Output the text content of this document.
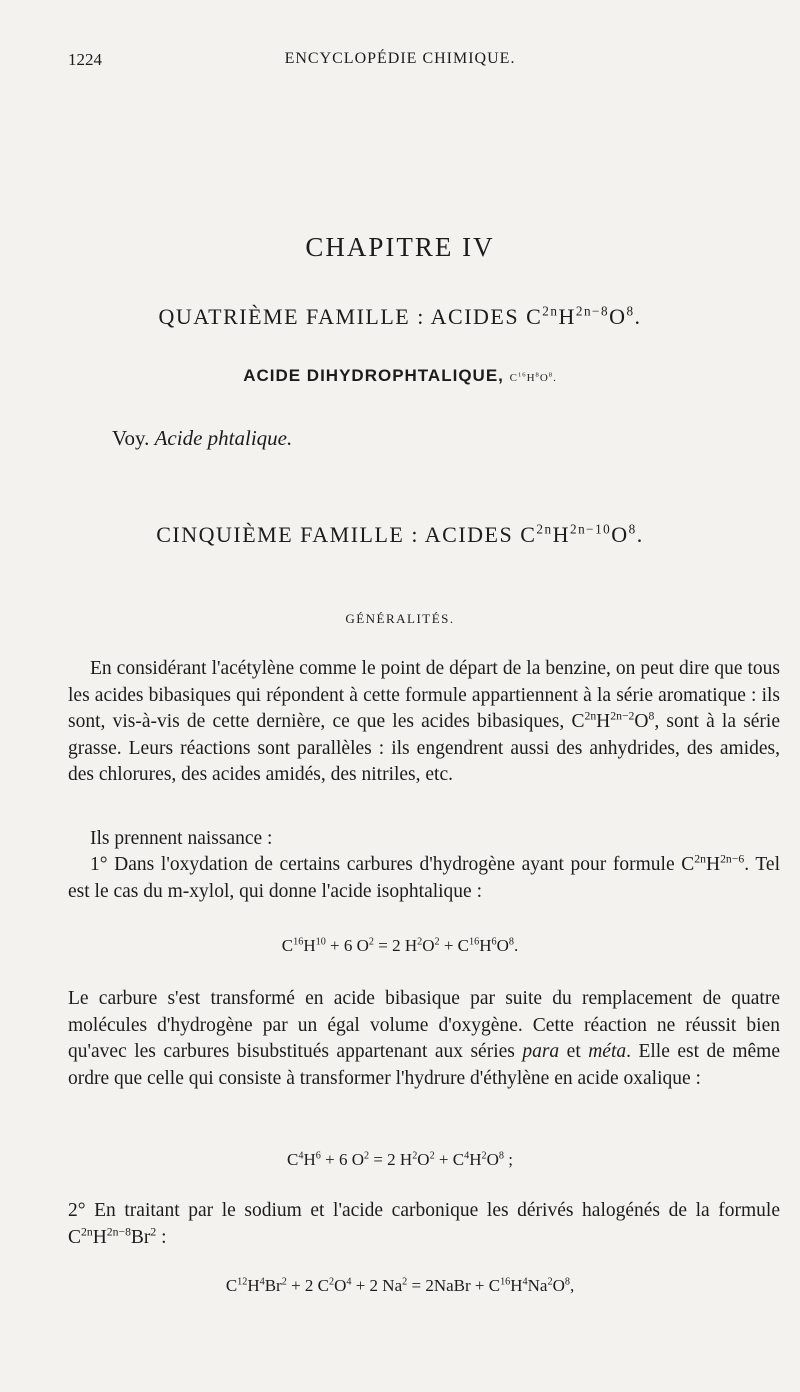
1224	ENCYCLOPÉDIE CHIMIQUE.
CHAPITRE IV
QUATRIÈME FAMILLE : ACIDES $C^{2n}H^{2n-8}O^8$.
ACIDE DIHYDROPHTALIQUE, $C^{16}H^8O^8$.
Voy. Acide phtalique.
CINQUIÈME FAMILLE : ACIDES $C^{2n}H^{2n-10}O^8$.
GÉNÉRALITÉS.
En considérant l'acétylène comme le point de départ de la benzine, on peut dire que tous les acides bibasiques qui répondent à cette formule appartiennent à la série aromatique : ils sont, vis-à-vis de cette dernière, ce que les acides bibasiques, $C^{2n}H^{2n-2}O^8$, sont à la série grasse. Leurs réactions sont parallèles : ils engendrent aussi des anhydrides, des amides, des chlorures, des acides amidés, des nitriles, etc.
Ils prennent naissance :
1° Dans l'oxydation de certains carbures d'hydrogène ayant pour formule $C^{2n}H^{2n-6}$. Tel est le cas du m-xylol, qui donne l'acide isophtalique :
$C^{16}H^{10} + 6$ $O^2 = 2$ $H^2O^2 + C^{16}H^6O^8$.
Le carbure s'est transformé en acide bibasique par suite du remplacement de quatre molécules d'hydrogène par un égal volume d'oxygène. Cette réaction ne réussit bien qu'avec les carbures bisubstitués appartenant aux séries para et méta. Elle est de même ordre que celle qui consiste à transformer l'hydrure d'éthylène en acide oxalique :
$C^4H^6 + 6$ $O^2 = 2$ $H^2O^2 + C^4H^2O^8$ ;
2° En traitant par le sodium et l'acide carbonique les dérivés halogénés de la formule $C^{2n}H^{2n-8}Br^2$ :
$C^{12}H^4Br^2 + 2$ $C^2O^4 + 2$ $Na^2$ = 2NaBr + $C^{16}H^4Na^2O^8$,
